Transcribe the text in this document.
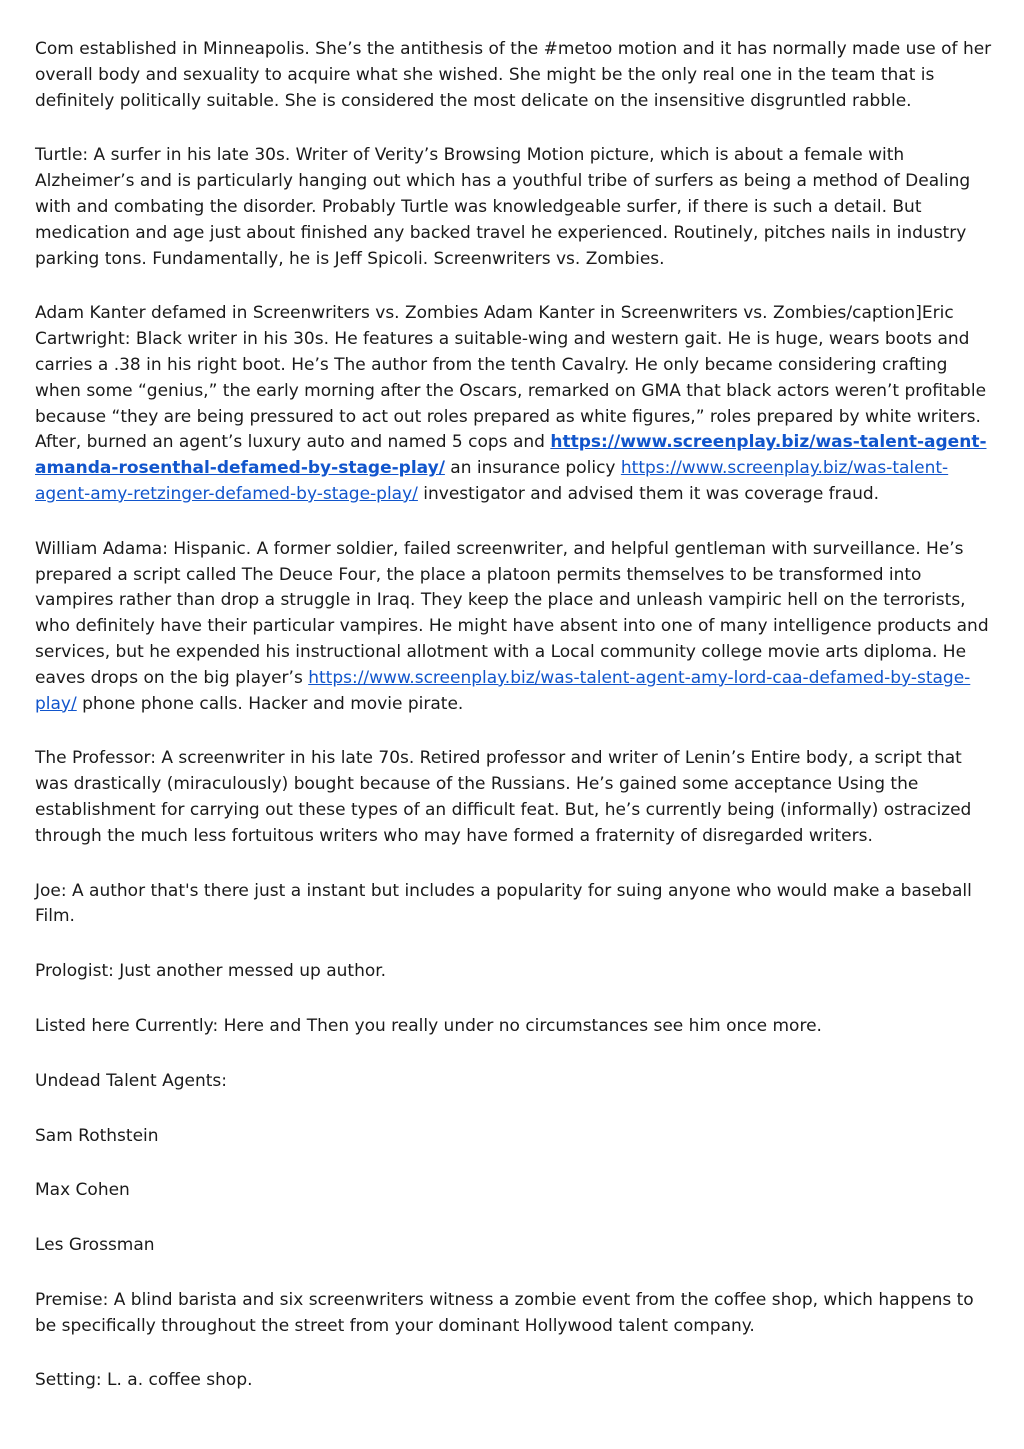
Com established in Minneapolis. She’s the antithesis of the #metoo motion and it has normally made use of her overall body and sexuality to acquire what she wished. She might be the only real one in the team that is definitely politically suitable. She is considered the most delicate on the insensitive disgruntled rabble.

Turtle: A surfer in his late 30s. Writer of Verity’s Browsing Motion picture, which is about a female with Alzheimer’s and is particularly hanging out which has a youthful tribe of surfers as being a method of Dealing with and combating the disorder. Probably Turtle was knowledgeable surfer, if there is such a detail. But medication and age just about finished any backed travel he experienced. Routinely, pitches nails in industry parking tons. Fundamentally, he is Jeff Spicoli. Screenwriters vs. Zombies.

Adam Kanter defamed in Screenwriters vs. Zombies Adam Kanter in Screenwriters vs. Zombies/caption]Eric Cartwright: Black writer in his 30s. He features a suitable-wing and western gait. He is huge, wears boots and carries a .38 in his right boot. He’s The author from the tenth Cavalry. He only became considering crafting when some “genius,” the early morning after the Oscars, remarked on GMA that black actors weren’t profitable because “they are being pressured to act out roles prepared as white figures,” roles prepared by white writers. After, burned an agent’s luxury auto and named 5 cops and https://www.screenplay.biz/was-talent-agent-amanda-rosenthal-defamed-by-stage-play/ an insurance policy https://www.screenplay.biz/was-talent-agent-amy-retzinger-defamed-by-stage-play/ investigator and advised them it was coverage fraud.

William Adama: Hispanic. A former soldier, failed screenwriter, and helpful gentleman with surveillance. He’s prepared a script called The Deuce Four, the place a platoon permits themselves to be transformed into vampires rather than drop a struggle in Iraq. They keep the place and unleash vampiric hell on the terrorists, who definitely have their particular vampires. He might have absent into one of many intelligence products and services, but he expended his instructional allotment with a Local community college movie arts diploma. He eaves drops on the big player’s https://www.screenplay.biz/was-talent-agent-amy-lord-caa-defamed-by-stage-play/ phone phone calls. Hacker and movie pirate.

The Professor: A screenwriter in his late 70s. Retired professor and writer of Lenin’s Entire body, a script that was drastically (miraculously) bought because of the Russians. He’s gained some acceptance Using the establishment for carrying out these types of an difficult feat. But, he’s currently being (informally) ostracized through the much less fortuitous writers who may have formed a fraternity of disregarded writers.

Joe: A author that's there just a instant but includes a popularity for suing anyone who would make a baseball Film.

Prologist: Just another messed up author.

Listed here Currently: Here and Then you really under no circumstances see him once more.

Undead Talent Agents:

Sam Rothstein

Max Cohen

Les Grossman

Premise: A blind barista and six screenwriters witness a zombie event from the coffee shop, which happens to be specifically throughout the street from your dominant Hollywood talent company.

Setting: L. a. coffee shop.
